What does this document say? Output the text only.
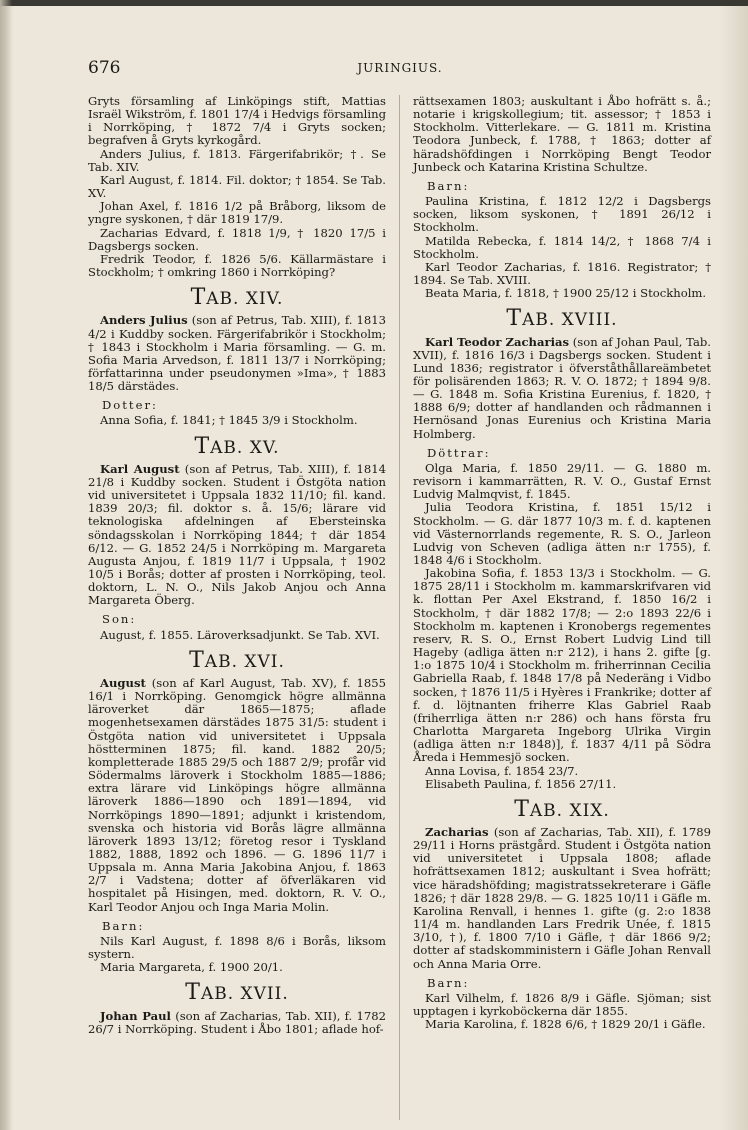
676	JURINGIUS.

Gryts församling af Linköpings stift, Mattias Israël Wikström, f. 1801 17/4 i Hedvigs församling i Norrköping, † 1872 7/4 i Gryts socken; begrafven å Gryts kyrkogård.

Anders Julius, f. 1813. Färgerifabrikör; †. Se Tab. XIV.

Karl August, f. 1814. Fil. doktor; † 1854. Se Tab. XV.

Johan Axel, f. 1816 1/2 på Bråborg, liksom de yngre syskonen, † där 1819 17/9.

Zacharias Edvard, f. 1818 1/9, † 1820 17/5 i Dagsbergs socken.

Fredrik Teodor, f. 1826 5/6. Källarmästare i Stockholm; † omkring 1860 i Norrköping?

TAB. XIV.

Anders Julius (son af Petrus, Tab. XIII), f. 1813 4/2 i Kuddby socken. Färgerifabrikör i Stockholm; † 1843 i Stockholm i Maria församling. — G. m. Sofia Maria Arvedson, f. 1811 13/7 i Norrköping; författarinna under pseudonymen »Ima», † 1883 18/5 därstädes.

Dotter:

Anna Sofia, f. 1841; † 1845 3/9 i Stockholm.

TAB. XV.

Karl August (son af Petrus, Tab. XIII), f. 1814 21/8 i Kuddby socken. Student i Östgöta nation vid universitetet i Uppsala 1832 11/10; fil. kand. 1839 20/3; fil. doktor s. å. 15/6; lärare vid teknologiska afdelningen af Ebersteinska söndagsskolan i Norrköping 1844; † där 1854 6/12. — G. 1852 24/5 i Norrköping m. Margareta Augusta Anjou, f. 1819 11/7 i Uppsala, † 1902 10/5 i Borås; dotter af prosten i Norrköping, teol. doktorn, L. N. O., Nils Jakob Anjou och Anna Margareta Öberg.

Son:

August, f. 1855. Läroverksadjunkt. Se Tab. XVI.

TAB. XVI.

August (son af Karl August, Tab. XV), f. 1855 16/1 i Norrköping. Genomgick högre allmänna läroverket där 1865—1875; aflade mogenhetsexamen därstädes 1875 31/5: student i Östgöta nation vid universitetet i Uppsala höstterminen 1875; fil. kand. 1882 20/5; kompletterade 1885 29/5 och 1887 2/9; profår vid Södermalms läroverk i Stockholm 1885—1886; extra lärare vid Linköpings högre allmänna läroverk 1886—1890 och 1891—1894, vid Norrköpings 1890—1891; adjunkt i kristendom, svenska och historia vid Borås lägre allmänna läroverk 1893 13/12; företog resor i Tyskland 1882, 1888, 1892 och 1896. — G. 1896 11/7 i Uppsala m. Anna Maria Jakobina Anjou, f. 1863 2/7 i Vadstena; dotter af öfverläkaren vid hospitalet på Hisingen, med. doktorn, R. V. O., Karl Teodor Anjou och Inga Maria Molin.

Barn:

Nils Karl August, f. 1898 8/6 i Borås, liksom systern.

Maria Margareta, f. 1900 20/1.

TAB. XVII.

Johan Paul (son af Zacharias, Tab. XII), f. 1782 26/7 i Norrköping. Student i Åbo 1801; aflade hof-

rättsexamen 1803; auskultant i Åbo hofrätt s. å.; notarie i krigskollegium; tit. assessor; † 1853 i Stockholm. Vitterlekare. — G. 1811 m. Kristina Teodora Junbeck, f. 1788, † 1863; dotter af häradshöfdingen i Norrköping Bengt Teodor Junbeck och Katarina Kristina Schultze.

Barn:

Paulina Kristina, f. 1812 12/2 i Dagsbergs socken, liksom syskonen, † 1891 26/12 i Stockholm.

Matilda Rebecka, f. 1814 14/2, † 1868 7/4 i Stockholm.

Karl Teodor Zacharias, f. 1816. Registrator; † 1894. Se Tab. XVIII.

Beata Maria, f. 1818, † 1900 25/12 i Stockholm.

TAB. XVIII.

Karl Teodor Zacharias (son af Johan Paul, Tab. XVII), f. 1816 16/3 i Dagsbergs socken. Student i Lund 1836; registrator i öfverståthållarеämbetet för polisärenden 1863; R. V. O. 1872; † 1894 9/8. — G. 1848 m. Sofia Kristina Eurenius, f. 1820, † 1888 6/9; dotter af handlanden och rådmannen i Hernösand Jonas Eurenius och Kristina Maria Holmberg.

Döttrar:

Olga Maria, f. 1850 29/11. — G. 1880 m. revisorn i kammarrätten, R. V. O., Gustaf Ernst Ludvig Malmqvist, f. 1845.

Julia Teodora Kristina, f. 1851 15/12 i Stockholm. — G. där 1877 10/3 m. f. d. kaptenen vid Västernorrlands regemente, R. S. O., Jarleon Ludvig von Scheven (adliga ätten n:r 1755), f. 1848 4/6 i Stockholm.

Jakobina Sofia, f. 1853 13/3 i Stockholm. — G. 1875 28/11 i Stockholm m. kammarskrifvaren vid k. flottan Per Axel Ekstrand, f. 1850 16/2 i Stockholm, † där 1882 17/8; — 2:o 1893 22/6 i Stockholm m. kaptenen i Kronobergs regementes reserv, R. S. O., Ernst Robert Ludvig Lind till Hageby (adliga ätten n:r 212), i hans 2. gifte [g. 1:o 1875 10/4 i Stockholm m. friherrinnan Cecilia Gabriella Raab, f. 1848 17/8 på Nederäng i Vidbo socken, † 1876 11/5 i Hyères i Frankrike; dotter af f. d. löjtnanten friherre Klas Gabriel Raab (friherrliga ätten n:r 286) och hans första fru Charlotta Margareta Ingeborg Ulrika Virgin (adliga ätten n:r 1848)], f. 1837 4/11 på Södra Åreda i Hemmesjö socken.

Anna Lovisa, f. 1854 23/7.

Elisabeth Paulina, f. 1856 27/11.

TAB. XIX.

Zacharias (son af Zacharias, Tab. XII), f. 1789 29/11 i Horns prästgård. Student i Östgöta nation vid universitetet i Uppsala 1808; aflade hofrättsexamen 1812; auskultant i Svea hofrätt; vice häradshöfding; magistratssekreterare i Gäfle 1826; † där 1828 29/8. — G. 1825 10/11 i Gäfle m. Karolina Renvall, i hennes 1. gifte (g. 2:o 1838 11/4 m. handlanden Lars Fredrik Unée, f. 1815 3/10, †), f. 1800 7/10 i Gäfle, † där 1866 9/2; dotter af stadskomministern i Gäfle Johan Renvall och Anna Maria Orre.

Barn:

Karl Vilhelm, f. 1826 8/9 i Gäfle. Sjöman; sist upptagen i kyrkoböckerna där 1855.

Maria Karolina, f. 1828 6/6, † 1829 20/1 i Gäfle.
